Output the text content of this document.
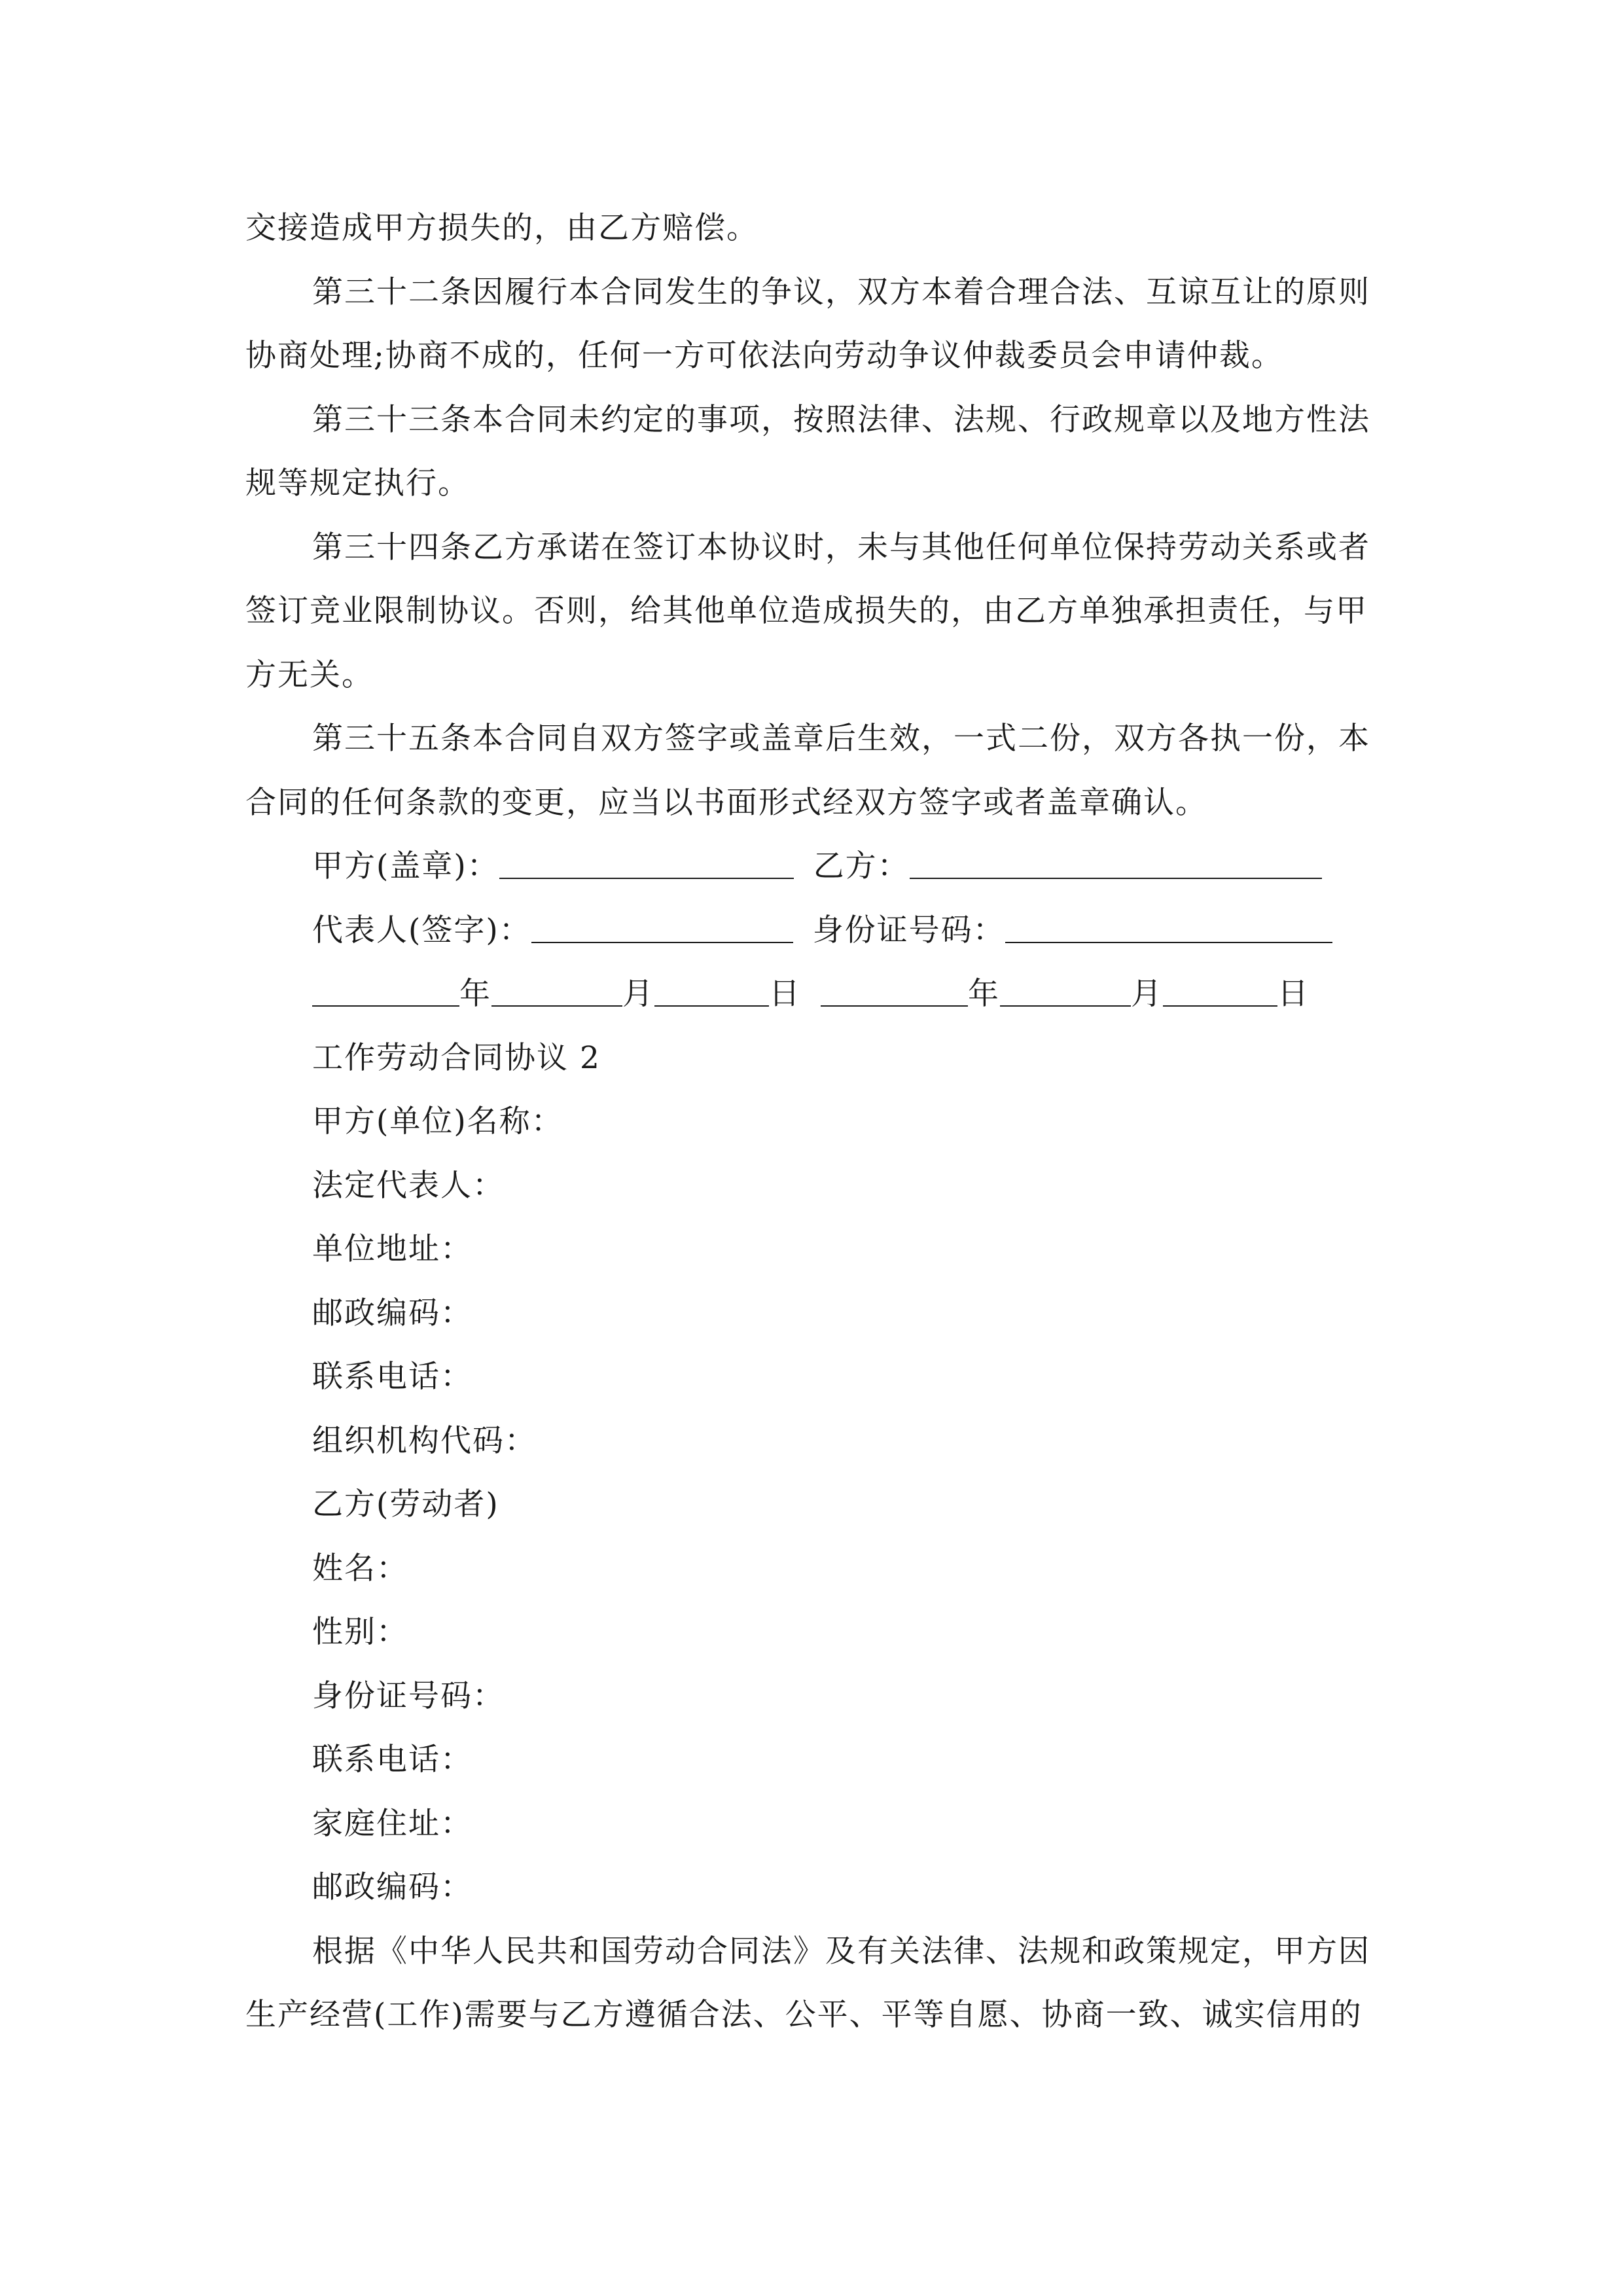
交接造成甲方损失的，由乙方赔偿。
第三十二条因履行本合同发生的争议，双方本着合理合法、互谅互让的原则
协商处理;协商不成的，任何一方可依法向劳动争议仲裁委员会申请仲裁。
第三十三条本合同未约定的事项，按照法律、法规、行政规章以及地方性法
规等规定执行。
第三十四条乙方承诺在签订本协议时，未与其他任何单位保持劳动关系或者
签订竞业限制协议。否则，给其他单位造成损失的，由乙方单独承担责任，与甲
方无关。
第三十五条本合同自双方签字或盖章后生效，一式二份，双方各执一份，本
合同的任何条款的变更，应当以书面形式经双方签字或者盖章确认。
甲方(盖章)：	乙方：
代表人(签字)：	身份证号码：
年	月	日	年	月	日
工作劳动合同协议 2
甲方(单位)名称：
法定代表人：
单位地址：
邮政编码：
联系电话：
组织机构代码：
乙方(劳动者)
姓名：
性别：
身份证号码：
联系电话：
家庭住址：
邮政编码：
根据《中华人民共和国劳动合同法》及有关法律、法规和政策规定，甲方因
生产经营(工作)需要与乙方遵循合法、公平、平等自愿、协商一致、诚实信用的
